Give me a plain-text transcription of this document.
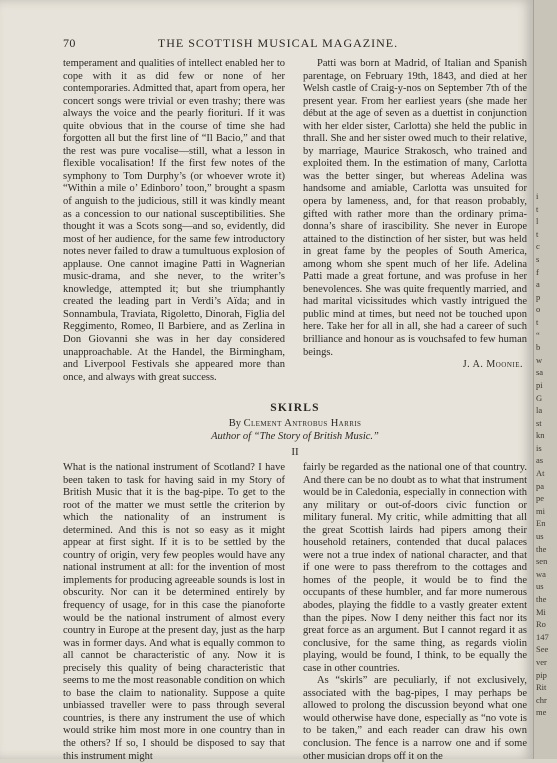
i
t
l
t
c
s
f
a
p
o
t
“
b
w
sa
pi
G
la
st
kn
is
as
At
pa
pe
mi
En
us
the
sen
wa
us
the
Mi
Ro
147
See
ver
pip
Rit
chr
me
70	THE SCOTTISH MUSICAL MAGAZINE.

temperament and qualities of intellect enabled her to cope with it as did few or none of her contemporaries. Admitted that, apart from opera, her concert songs were trivial or even trashy; there was always the voice and the pearly fiorituri. If it was quite obvious that in the course of time she had forgotten all but the first line of “Il Bacio,” and that the rest was pure vocalise—still, what a lesson in flexible vocalisation! If the first few notes of the symphony to Tom Durphy’s (or whoever wrote it) “Within a mile o’ Edinboro’ toon,” brought a spasm of anguish to the judicious, still it was kindly meant as a concession to our national susceptibilities. She thought it was a Scots song—and so, evidently, did most of her audience, for the same few introductory notes never failed to draw a tumultuous explosion of applause. One cannot imagine Patti in Wagnerian music-drama, and she never, to the writer’s knowledge, attempted it; but she triumphantly created the leading part in Verdi’s Aïda; and in Sonnambula, Traviata, Rigoletto, Dinorah, Figlia del Reggimento, Romeo, Il Barbiere, and as Zerlina in Don Giovanni she was in her day considered unapproachable. At the Handel, the Birmingham, and Liverpool Festivals she appeared more than once, and always with great success.

Patti was born at Madrid, of Italian and Spanish parentage, on February 19th, 1843, and died at her Welsh castle of Craig-y-nos on September 7th of the present year. From her earliest years (she made her début at the age of seven as a duettist in conjunction with her elder sister, Carlotta) she held the public in thrall. She and her sister owed much to their relative, by marriage, Maurice Strakosch, who trained and exploited them. In the estimation of many, Carlotta was the better singer, but whereas Adelina was handsome and amiable, Carlotta was unsuited for opera by lameness, and, for that reason probably, gifted with rather more than the ordinary prima-donna’s share of irascibility. She never in Europe attained to the distinction of her sister, but was held in great fame by the peoples of South America, among whom she spent much of her life. Adelina Patti made a great fortune, and was profuse in her benevolences. She was quite frequently married, and had marital vicissitudes which vastly intrigued the public mind at times, but need not be touched upon here. Take her for all in all, she had a career of such brilliance and honour as is vouchsafed to few human beings.

J. A. Moonie.

SKIRLS
By Clement Antrobus Harris
Author of “The Story of British Music.”
II

What is the national instrument of Scotland? I have been taken to task for having said in my Story of British Music that it is the bag-pipe. To get to the root of the matter we must settle the criterion by which the nationality of an instrument is determined. And this is not so easy as it might appear at first sight. If it is to be settled by the country of origin, very few peoples would have any national instrument at all: for the invention of most implements for producing agreeable sounds is lost in obscurity. Nor can it be determined entirely by frequency of usage, for in this case the pianoforte would be the national instrument of almost every country in Europe at the present day, just as the harp was in former days. And what is equally common to all cannot be characteristic of any. Now it is precisely this quality of being characteristic that seems to me the most reasonable condition on which to base the claim to nationality. Suppose a quite unbiassed traveller were to pass through several countries, is there any instrument the use of which would strike him most more in one country than in the others? If so, I should be disposed to say that this instrument might

fairly be regarded as the national one of that country. And there can be no doubt as to what that instrument would be in Caledonia, especially in connection with any military or out-of-doors civic function or military funeral. My critic, while admitting that all the great Scottish lairds had pipers among their household retainers, contended that ducal palaces were not a true index of national character, and that if one were to pass therefrom to the cottages and homes of the people, it would be to find the occupants of these humbler, and far more numerous abodes, playing the fiddle to a vastly greater extent than the pipes. Now I deny neither this fact nor its great force as an argument. But I cannot regard it as conclusive, for the same thing, as regards violin playing, would be found, I think, to be equally the case in other countries.

As “skirls” are peculiarly, if not exclusively, associated with the bag-pipes, I may perhaps be allowed to prolong the discussion beyond what one would otherwise have done, especially as “no vote is to be taken,” and each reader can draw his own conclusion. The fence is a narrow one and if some other musician drops off it on the
